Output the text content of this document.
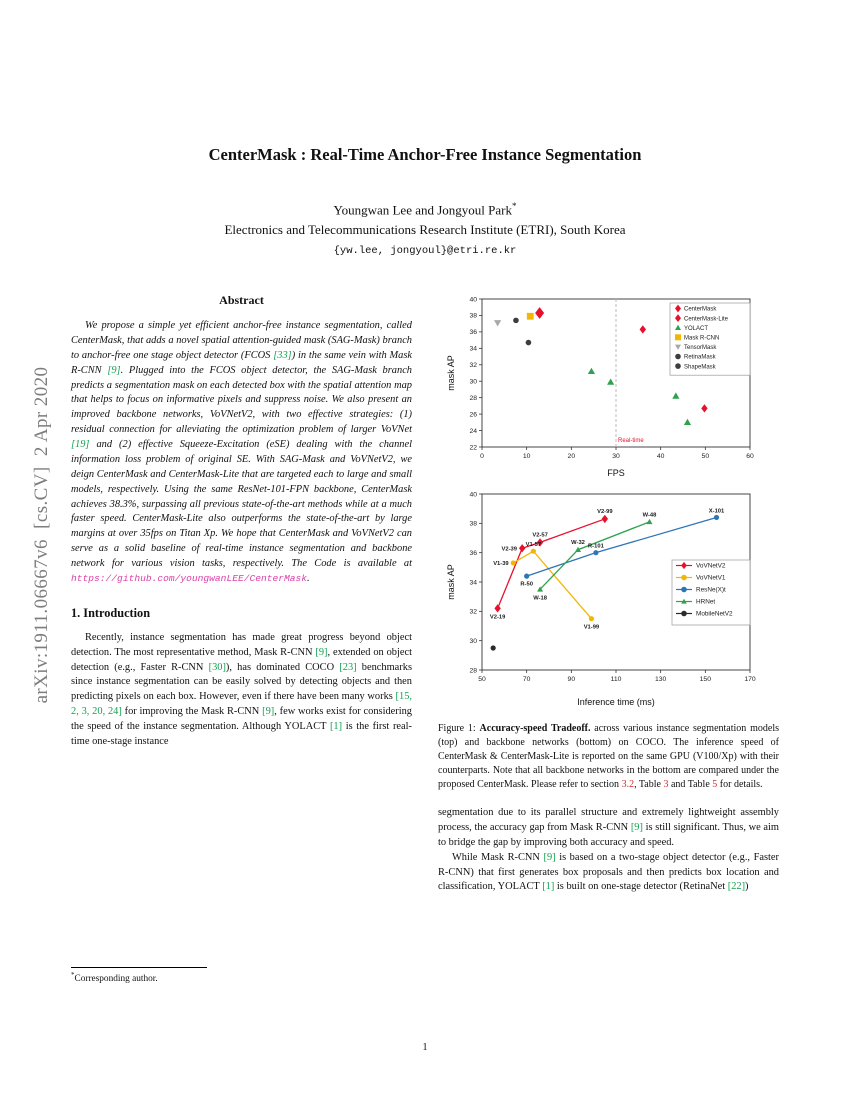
arXiv:1911.06667v6  [cs.CV]  2 Apr 2020
CenterMask : Real-Time Anchor-Free Instance Segmentation
Youngwan Lee and Jongyoul Park*
Electronics and Telecommunications Research Institute (ETRI), South Korea
{yw.lee, jongyoul}@etri.re.kr

Abstract

We propose a simple yet efficient anchor-free instance segmentation, called CenterMask, that adds a novel spatial attention-guided mask (SAG-Mask) branch to anchor-free one stage object detector (FCOS [33]) in the same vein with Mask R-CNN [9]. Plugged into the FCOS object detector, the SAG-Mask branch predicts a segmentation mask on each detected box with the spatial attention map that helps to focus on informative pixels and suppress noise. We also present an improved backbone networks, VoVNetV2, with two effective strategies: (1) residual connection for alleviating the optimization problem of larger VoVNet [19] and (2) effective Squeeze-Excitation (eSE) dealing with the channel information loss problem of original SE. With SAG-Mask and VoVNetV2, we deign CenterMask and CenterMask-Lite that are targeted each to large and small models, respectively. Using the same ResNet-101-FPN backbone, CenterMask achieves 38.3%, surpassing all previous state-of-the-art methods while at a much faster speed. CenterMask-Lite also outperforms the state-of-the-art by large margins at over 35fps on Titan Xp. We hope that CenterMask and VoVNetV2 can serve as a solid baseline of real-time instance segmentation and backbone network for various vision tasks, respectively. The Code is available at https://github.com/youngwanLEE/CenterMask.

1. Introduction

Recently, instance segmentation has made great progress beyond object detection. The most representative method, Mask R-CNN [9], extended on object detection (e.g., Faster R-CNN [30]), has dominated COCO [23] benchmarks since instance segmentation can be easily solved by detecting objects and then predicting pixels on each box. However, even if there have been many works [15, 2, 3, 20, 24] for improving the Mask R-CNN [9], few works exist for considering the speed of the instance segmentation. Although YOLACT [1] is the first real-time one-stage instance

0	10	20	30	40	50	60
22
24
26
28
30
32
34
36
38
40
FPS
mask AP
Real-time
CenterMask
CenterMask-Lite
YOLACT
Mask R-CNN
TensorMask
RetinaMask
ShapeMask
50	70	90	110	130	150	170
28
30
32
34
36
38
40
Inference time (ms)
mask AP
V2-19
V2-39
V2-57
V2-99
V1-39
V1-57
V1-99
R-50
R-101
X-101
W-18
W-32
W-48
VoVNetV2
VoVNetV1
ResNe(X)t
HRNet
MobileNetV2

Figure 1: Accuracy-speed Tradeoff. across various instance segmentation models (top) and backbone networks (bottom) on COCO. The inference speed of CenterMask & CenterMask-Lite is reported on the same GPU (V100/Xp) with their counterparts. Note that all backbone networks in the bottom are compared under the proposed CenterMask. Please refer to section 3.2, Table 3 and Table 5 for details.

segmentation due to its parallel structure and extremely lightweight assembly process, the accuracy gap from Mask R-CNN [9] is still significant. Thus, we aim to bridge the gap by improving both accuracy and speed.

While Mask R-CNN [9] is based on a two-stage object detector (e.g., Faster R-CNN) that first generates box proposals and then predicts box location and classification, YOLACT [1] is built on one-stage detector (RetinaNet [22])

*Corresponding author.
1
